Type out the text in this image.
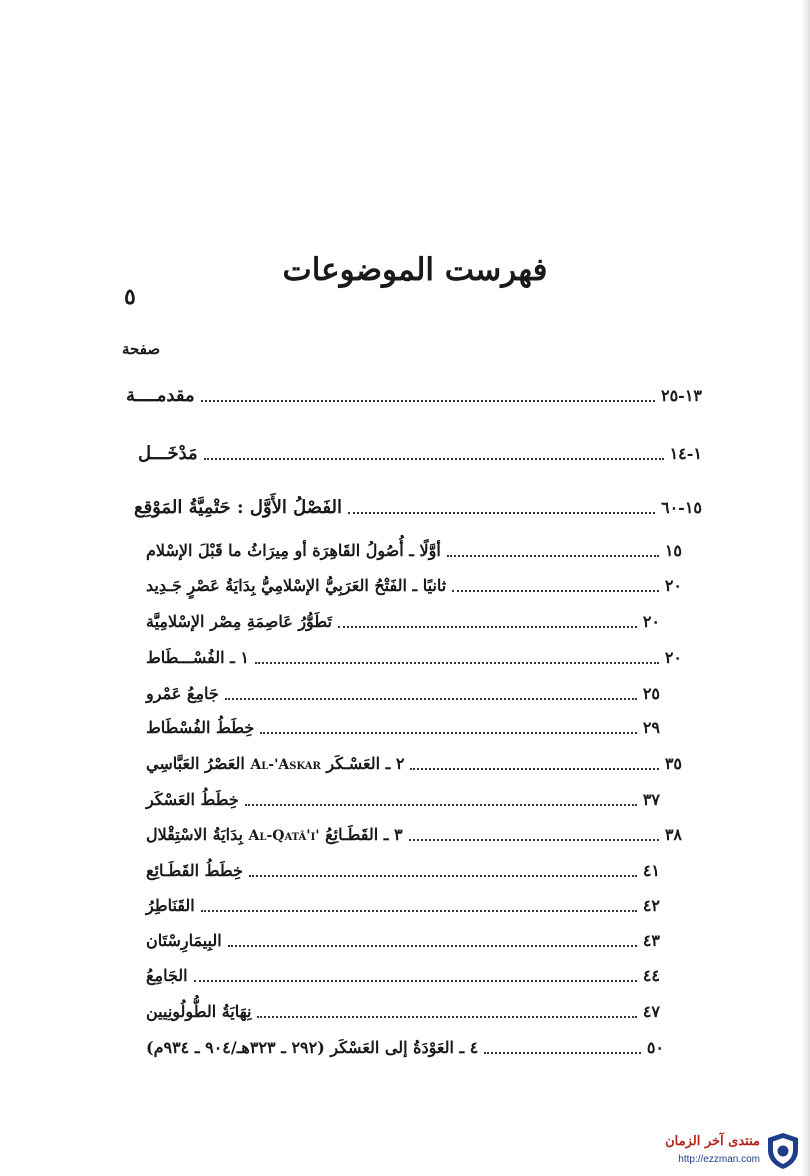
٥
فهرست الموضوعات
صفحة
مقدمــــة	١٣-٢٥
مَدْخَـــل	١-١٤
الفَصْلُ الأَوَّل : حَتْمِيَّةُ المَوْقِع	١٥-٦٠
أوَّلًا ـ أُصُولُ القَاهِرَة أو مِيرَاثُ ما قَبْلَ الإسْلام	١٥
ثانيًا ـ الفَتْحُ العَرَبِيُّ الإسْلامِيُّ بِدَايَةُ عَصْرٍ جَـدِيد	٢٠
تَطَوُّرُ عَاصِمَةِ مِصْر الإسْلامِيَّة	٢٠
١ ـ الفُسْـــطَاط	٢٠
جَامِعُ عَمْرو	٢٥
خِطَطُ الفُسْطَاط	٢٩
٢ ـ العَسْـكَر Al-'Askar العَصْرُ العَبَّاسِي	٣٥
خِطَطُ العَسْكَر	٣٧
٣ ـ القَطَـائِعُ Al-Qatâ'i' بِدَايَةُ الاسْتِقْلال	٣٨
خِطَطُ القَطَـائِع	٤١
القَنَاطِرُ	٤٢
البِيمَارِسْتَان	٤٣
الجَامِعُ	٤٤
نِهَايَةُ الطُّولُونِيين	٤٧
٤ ـ العَوْدَةُ إلى العَسْكَر (٢٩٢ ـ ٣٢٣هـ/٩٠٤ ـ ٩٣٤م)	٥٠
منتدى آخر الزمان
http://ezzman.com
